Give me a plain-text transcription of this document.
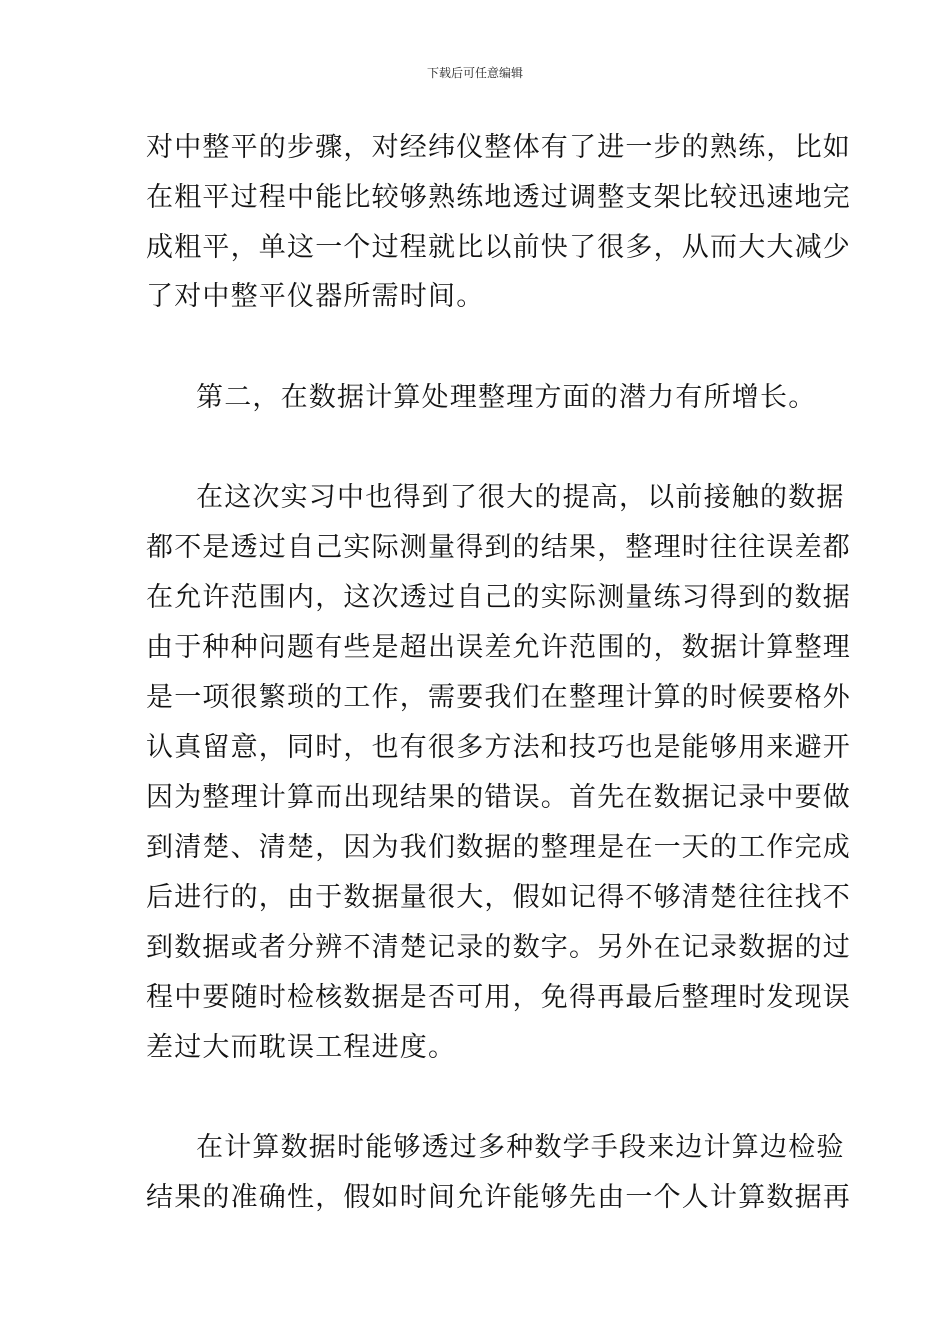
下载后可任意编辑
对中整平的步骤，对经纬仪整体有了进一步的熟练，比如
在粗平过程中能比较够熟练地透过调整支架比较迅速地完
成粗平，单这一个过程就比以前快了很多，从而大大减少
了对中整平仪器所需时间。
第二，在数据计算处理整理方面的潜力有所增长。
在这次实习中也得到了很大的提高，以前接触的数据
都不是透过自己实际测量得到的结果，整理时往往误差都
在允许范围内，这次透过自己的实际测量练习得到的数据
由于种种问题有些是超出误差允许范围的，数据计算整理
是一项很繁琐的工作，需要我们在整理计算的时候要格外
认真留意，同时，也有很多方法和技巧也是能够用来避开
因为整理计算而出现结果的错误。首先在数据记录中要做
到清楚、清楚，因为我们数据的整理是在一天的工作完成
后进行的，由于数据量很大，假如记得不够清楚往往找不
到数据或者分辨不清楚记录的数字。另外在记录数据的过
程中要随时检核数据是否可用，免得再最后整理时发现误
差过大而耽误工程进度。
在计算数据时能够透过多种数学手段来边计算边检验
结果的准确性，假如时间允许能够先由一个人计算数据再
